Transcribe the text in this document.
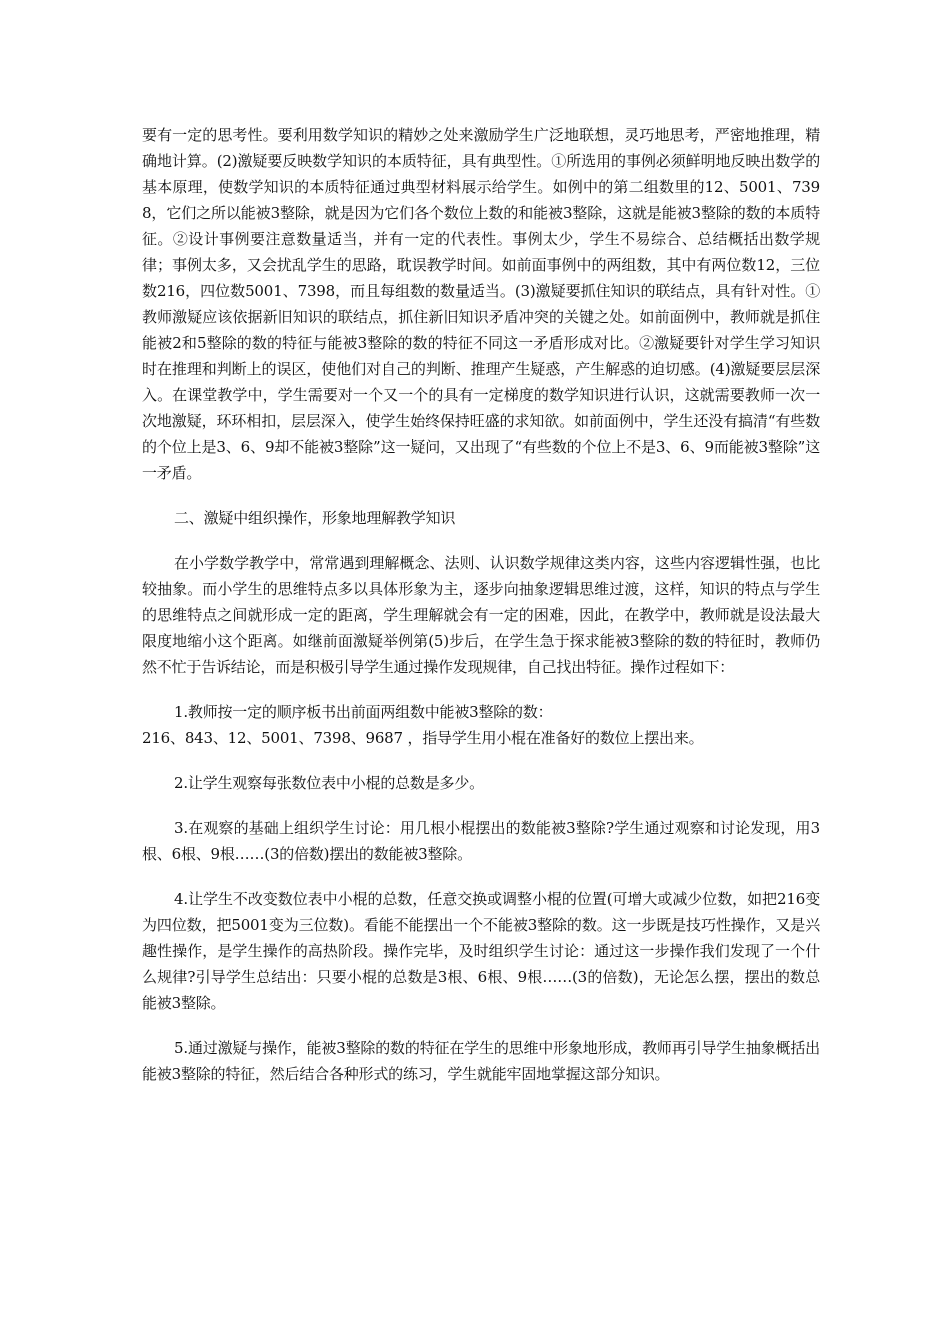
要有一定的思考性。要利用数学知识的精妙之处来激励学生广泛地联想，灵巧地思考，严密地推理，精确地计算。(2)激疑要反映数学知识的本质特征，具有典型性。①所选用的事例必须鲜明地反映出数学的基本原理，使数学知识的本质特征通过典型材料展示给学生。如例中的第二组数里的12、5001、7398，它们之所以能被3整除，就是因为它们各个数位上数的和能被3整除，这就是能被3整除的数的本质特征。②设计事例要注意数量适当，并有一定的代表性。事例太少，学生不易综合、总结概括出数学规律；事例太多，又会扰乱学生的思路，耽误教学时间。如前面事例中的两组数，其中有两位数12，三位数216，四位数5001、7398，而且每组数的数量适当。(3)激疑要抓住知识的联结点，具有针对性。①教师激疑应该依据新旧知识的联结点，抓住新旧知识矛盾冲突的关键之处。如前面例中，教师就是抓住能被2和5整除的数的特征与能被3整除的数的特征不同这一矛盾形成对比。②激疑要针对学生学习知识时在推理和判断上的误区，使他们对自己的判断、推理产生疑惑，产生解惑的迫切感。(4)激疑要层层深入。在课堂教学中，学生需要对一个又一个的具有一定梯度的数学知识进行认识，这就需要教师一次一次地激疑，环环相扣，层层深入，使学生始终保持旺盛的求知欲。如前面例中，学生还没有搞清“有些数的个位上是3、6、9却不能被3整除”这一疑问，又出现了“有些数的个位上不是3、6、9而能被3整除”这一矛盾。

二、激疑中组织操作，形象地理解教学知识

在小学数学教学中，常常遇到理解概念、法则、认识数学规律这类内容，这些内容逻辑性强，也比较抽象。而小学生的思维特点多以具体形象为主，逐步向抽象逻辑思维过渡，这样，知识的特点与学生的思维特点之间就形成一定的距离，学生理解就会有一定的困难，因此，在教学中，教师就是设法最大限度地缩小这个距离。如继前面激疑举例第(5)步后，在学生急于探求能被3整除的数的特征时，教师仍然不忙于告诉结论，而是积极引导学生通过操作发现规律，自己找出特征。操作过程如下：

1.教师按一定的顺序板书出前面两组数中能被3整除的数：

216、843、12、5001、7398、9687 ，指导学生用小棍在准备好的数位上摆出来。

2.让学生观察每张数位表中小棍的总数是多少。

3.在观察的基础上组织学生讨论：用几根小棍摆出的数能被3整除?学生通过观察和讨论发现，用3根、6根、9根……(3的倍数)摆出的数能被3整除。

4.让学生不改变数位表中小棍的总数，任意交换或调整小棍的位置(可增大或减少位数，如把216变为四位数，把5001变为三位数)。看能不能摆出一个不能被3整除的数。这一步既是技巧性操作，又是兴趣性操作，是学生操作的高热阶段。操作完毕，及时组织学生讨论：通过这一步操作我们发现了一个什么规律?引导学生总结出：只要小棍的总数是3根、6根、9根……(3的倍数)，无论怎么摆，摆出的数总能被3整除。

5.通过激疑与操作，能被3整除的数的特征在学生的思维中形象地形成，教师再引导学生抽象概括出能被3整除的特征，然后结合各种形式的练习，学生就能牢固地掌握这部分知识。
